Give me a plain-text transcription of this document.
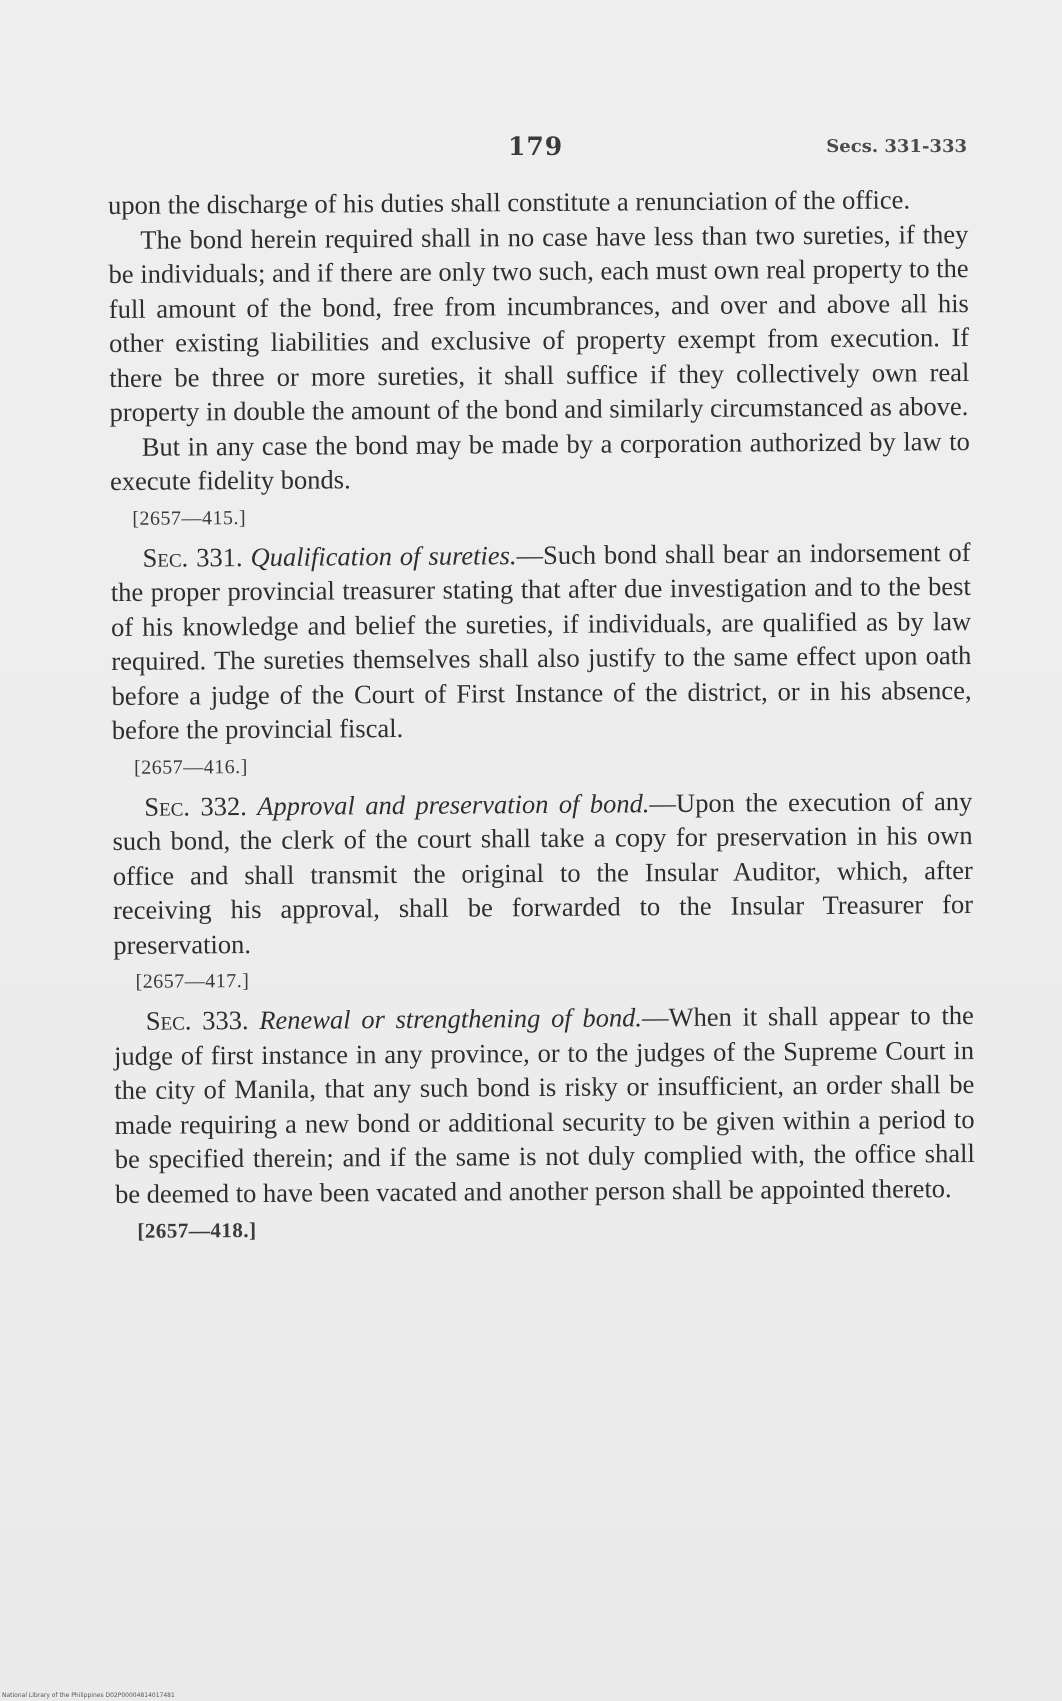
179	Secs. 331-333

upon the discharge of his duties shall constitute a renunciation of the office.

The bond herein required shall in no case have less than two sureties, if they be individuals; and if there are only two such, each must own real property to the full amount of the bond, free from incumbrances, and over and above all his other existing liabilities and exclusive of property exempt from execution. If there be three or more sureties, it shall suffice if they collectively own real property in double the amount of the bond and similarly circumstanced as above.

But in any case the bond may be made by a corporation authorized by law to execute fidelity bonds.

[2657—415.]

Sec. 331. Qualification of sureties.—Such bond shall bear an indorsement of the proper provincial treasurer stating that after due investigation and to the best of his knowledge and belief the sureties, if individuals, are qualified as by law required. The sureties themselves shall also justify to the same effect upon oath before a judge of the Court of First Instance of the district, or in his absence, before the provincial fiscal.

[2657—416.]

Sec. 332. Approval and preservation of bond.—Upon the execution of any such bond, the clerk of the court shall take a copy for preservation in his own office and shall transmit the original to the Insular Auditor, which, after receiving his approval, shall be forwarded to the Insular Treasurer for preservation.

[2657—417.]

Sec. 333. Renewal or strengthening of bond.—When it shall appear to the judge of first instance in any province, or to the judges of the Supreme Court in the city of Manila, that any such bond is risky or insufficient, an order shall be made requiring a new bond or additional security to be given within a period to be specified therein; and if the same is not duly complied with, the office shall be deemed to have been vacated and another person shall be appointed thereto.

[2657—418.]
National Library of the Philippines D02P00004814017481
